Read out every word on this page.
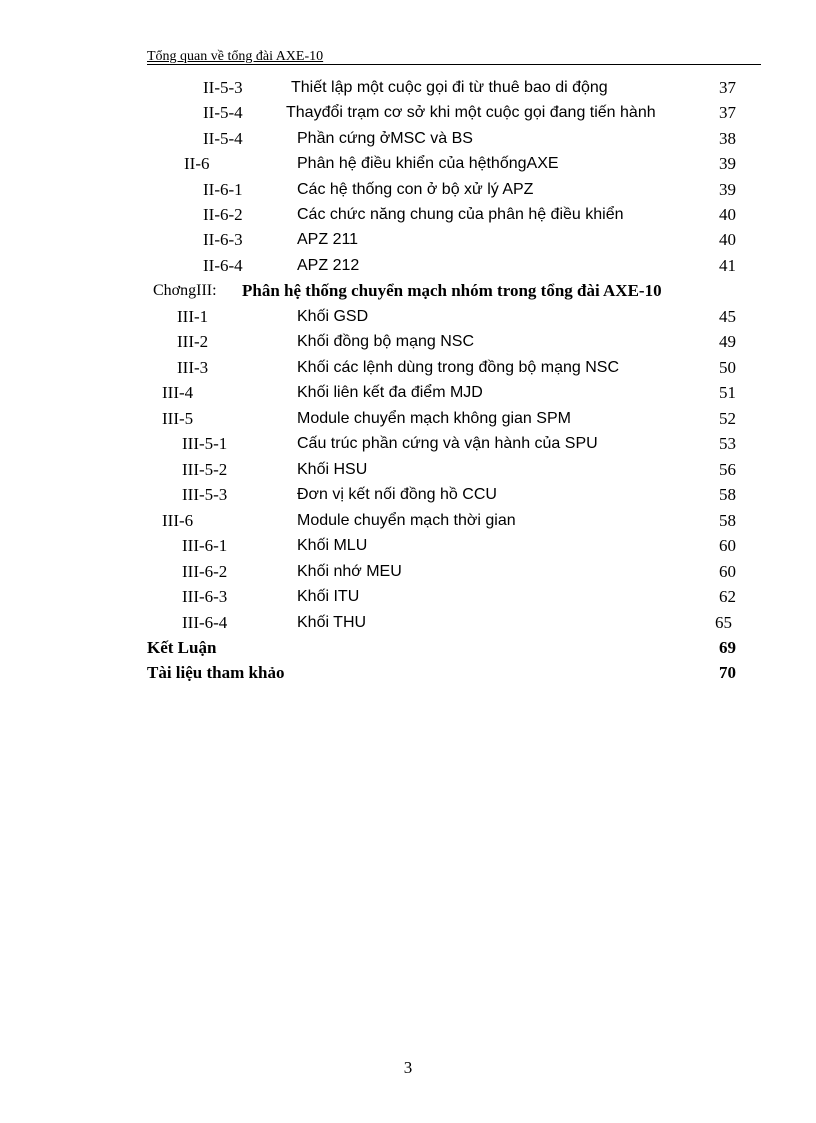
Tổng quan về tổng đài AXE-10
II-5-3	Thiết lập một cuộc gọi đi từ thuê bao di động	37
II-5-4	Thayđổi trạm cơ sở khi một cuộc gọi đang tiến hành	37
II-5-4	Phần cứng ởMSC và BS	38
II-6	Phân hệ điều khiển của hệthốngAXE	39
II-6-1	Các hệ thống con ở bộ xử lý APZ	39
II-6-2	Các chức năng chung của phân hệ điều khiển	40
II-6-3	APZ 211	40
II-6-4	APZ 212	41
ChơngIII: Phân hệ thống chuyển mạch nhóm trong tổng đài AXE-10
III-1	Khối GSD	45
III-2	Khối đồng bộ mạng NSC	49
III-3	Khối các lệnh dùng trong đồng bộ mạng NSC	50
III-4	Khối liên kết đa điểm MJD	51
III-5	Module chuyển mạch không gian SPM	52
III-5-1	Cấu trúc phần cứng và vận hành của SPU	53
III-5-2	Khối HSU	56
III-5-3	Đơn vị kết nối đồng hồ CCU	58
III-6	Module chuyển mạch thời gian	58
III-6-1	Khối MLU	60
III-6-2	Khối nhớ MEU	60
III-6-3	Khối ITU	62
III-6-4	Khối THU	65
Kết Luận	69
Tài liệu tham khảo	70
3
